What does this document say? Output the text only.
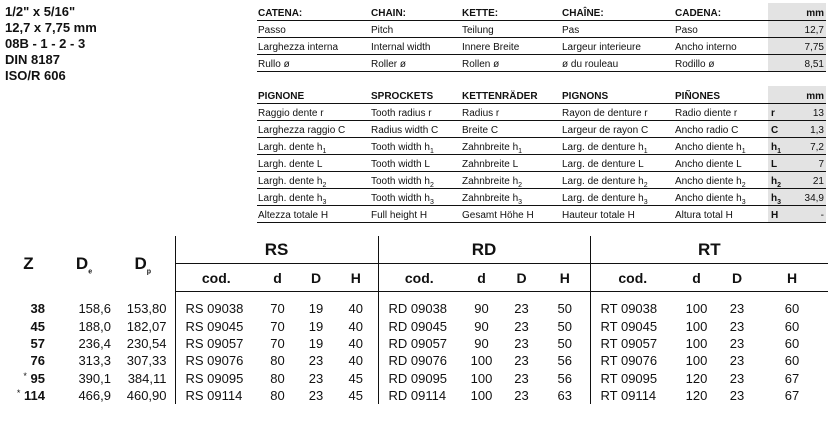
1/2" x 5/16"
12,7 x 7,75 mm
08B - 1 - 2 - 3
DIN 8187
ISO/R 606
CATENA:	CHAIN:	KETTE:	CHAÎNE:	CADENA:	mm
Passo	Pitch	Teilung	Pas	Paso	12,7
Larghezza interna	Internal width	Innere Breite	Largeur interieure	Ancho interno	7,75
Rullo ø	Roller ø	Rollen ø	ø du rouleau	Rodillo ø	8,51
PIGNONE	SPROCKETS	KETTENRÄDER	PIGNONS	PIÑONES	mm	
Raggio dente r	Tooth radius r	Radius r	Rayon de denture r	Radio diente r	r	13
Larghezza raggio C	Radius width C	Breite C	Largeur de rayon C	Ancho radio C	C	1,3
Largh. dente $h_1$	Tooth width $h_1$	Zahnbreite $h_1$	Larg. de denture $h_1$	Ancho diente $h_1$	$h_1$	7,2
Largh. dente L	Tooth width L	Zahnbreite L	Larg. de denture L	Ancho diente L	L	7
Largh. dente $h_2$	Tooth width $h_2$	Zahnbreite $h_2$	Larg. de denture $h_2$	Ancho diente $h_2$	$h_2$	21
Largh. dente $h_3$	Tooth width $h_3$	Zahnbreite $h_3$	Larg. de denture $h_3$	Ancho diente $h_3$	$h_3$	34,9
Altezza totale H	Full height H	Gesamt Höhe H	Hauteur totale H	Altura total H	H	-
Z	$D_e$	$D_p$	RS				RD				RT			
			cod.	d	D	H	cod.	d	D	H	cod.	d	D	H

38	158,6	153,80	RS 09038	70	19	40	RD 09038	90	23	50	RT 09038	100	23	60
45	188,0	182,07	RS 09045	70	19	40	RD 09045	90	23	50	RT 09045	100	23	60
57	236,4	230,54	RS 09057	70	19	40	RD 09057	90	23	50	RT 09057	100	23	60
76	313,3	307,33	RS 09076	80	23	40	RD 09076	100	23	56	RT 09076	100	23	60
* 95	390,1	384,11	RS 09095	80	23	45	RD 09095	100	23	56	RT 09095	120	23	67
* 114	466,9	460,90	RS 09114	80	23	45	RD 09114	100	23	63	RT 09114	120	23	67
